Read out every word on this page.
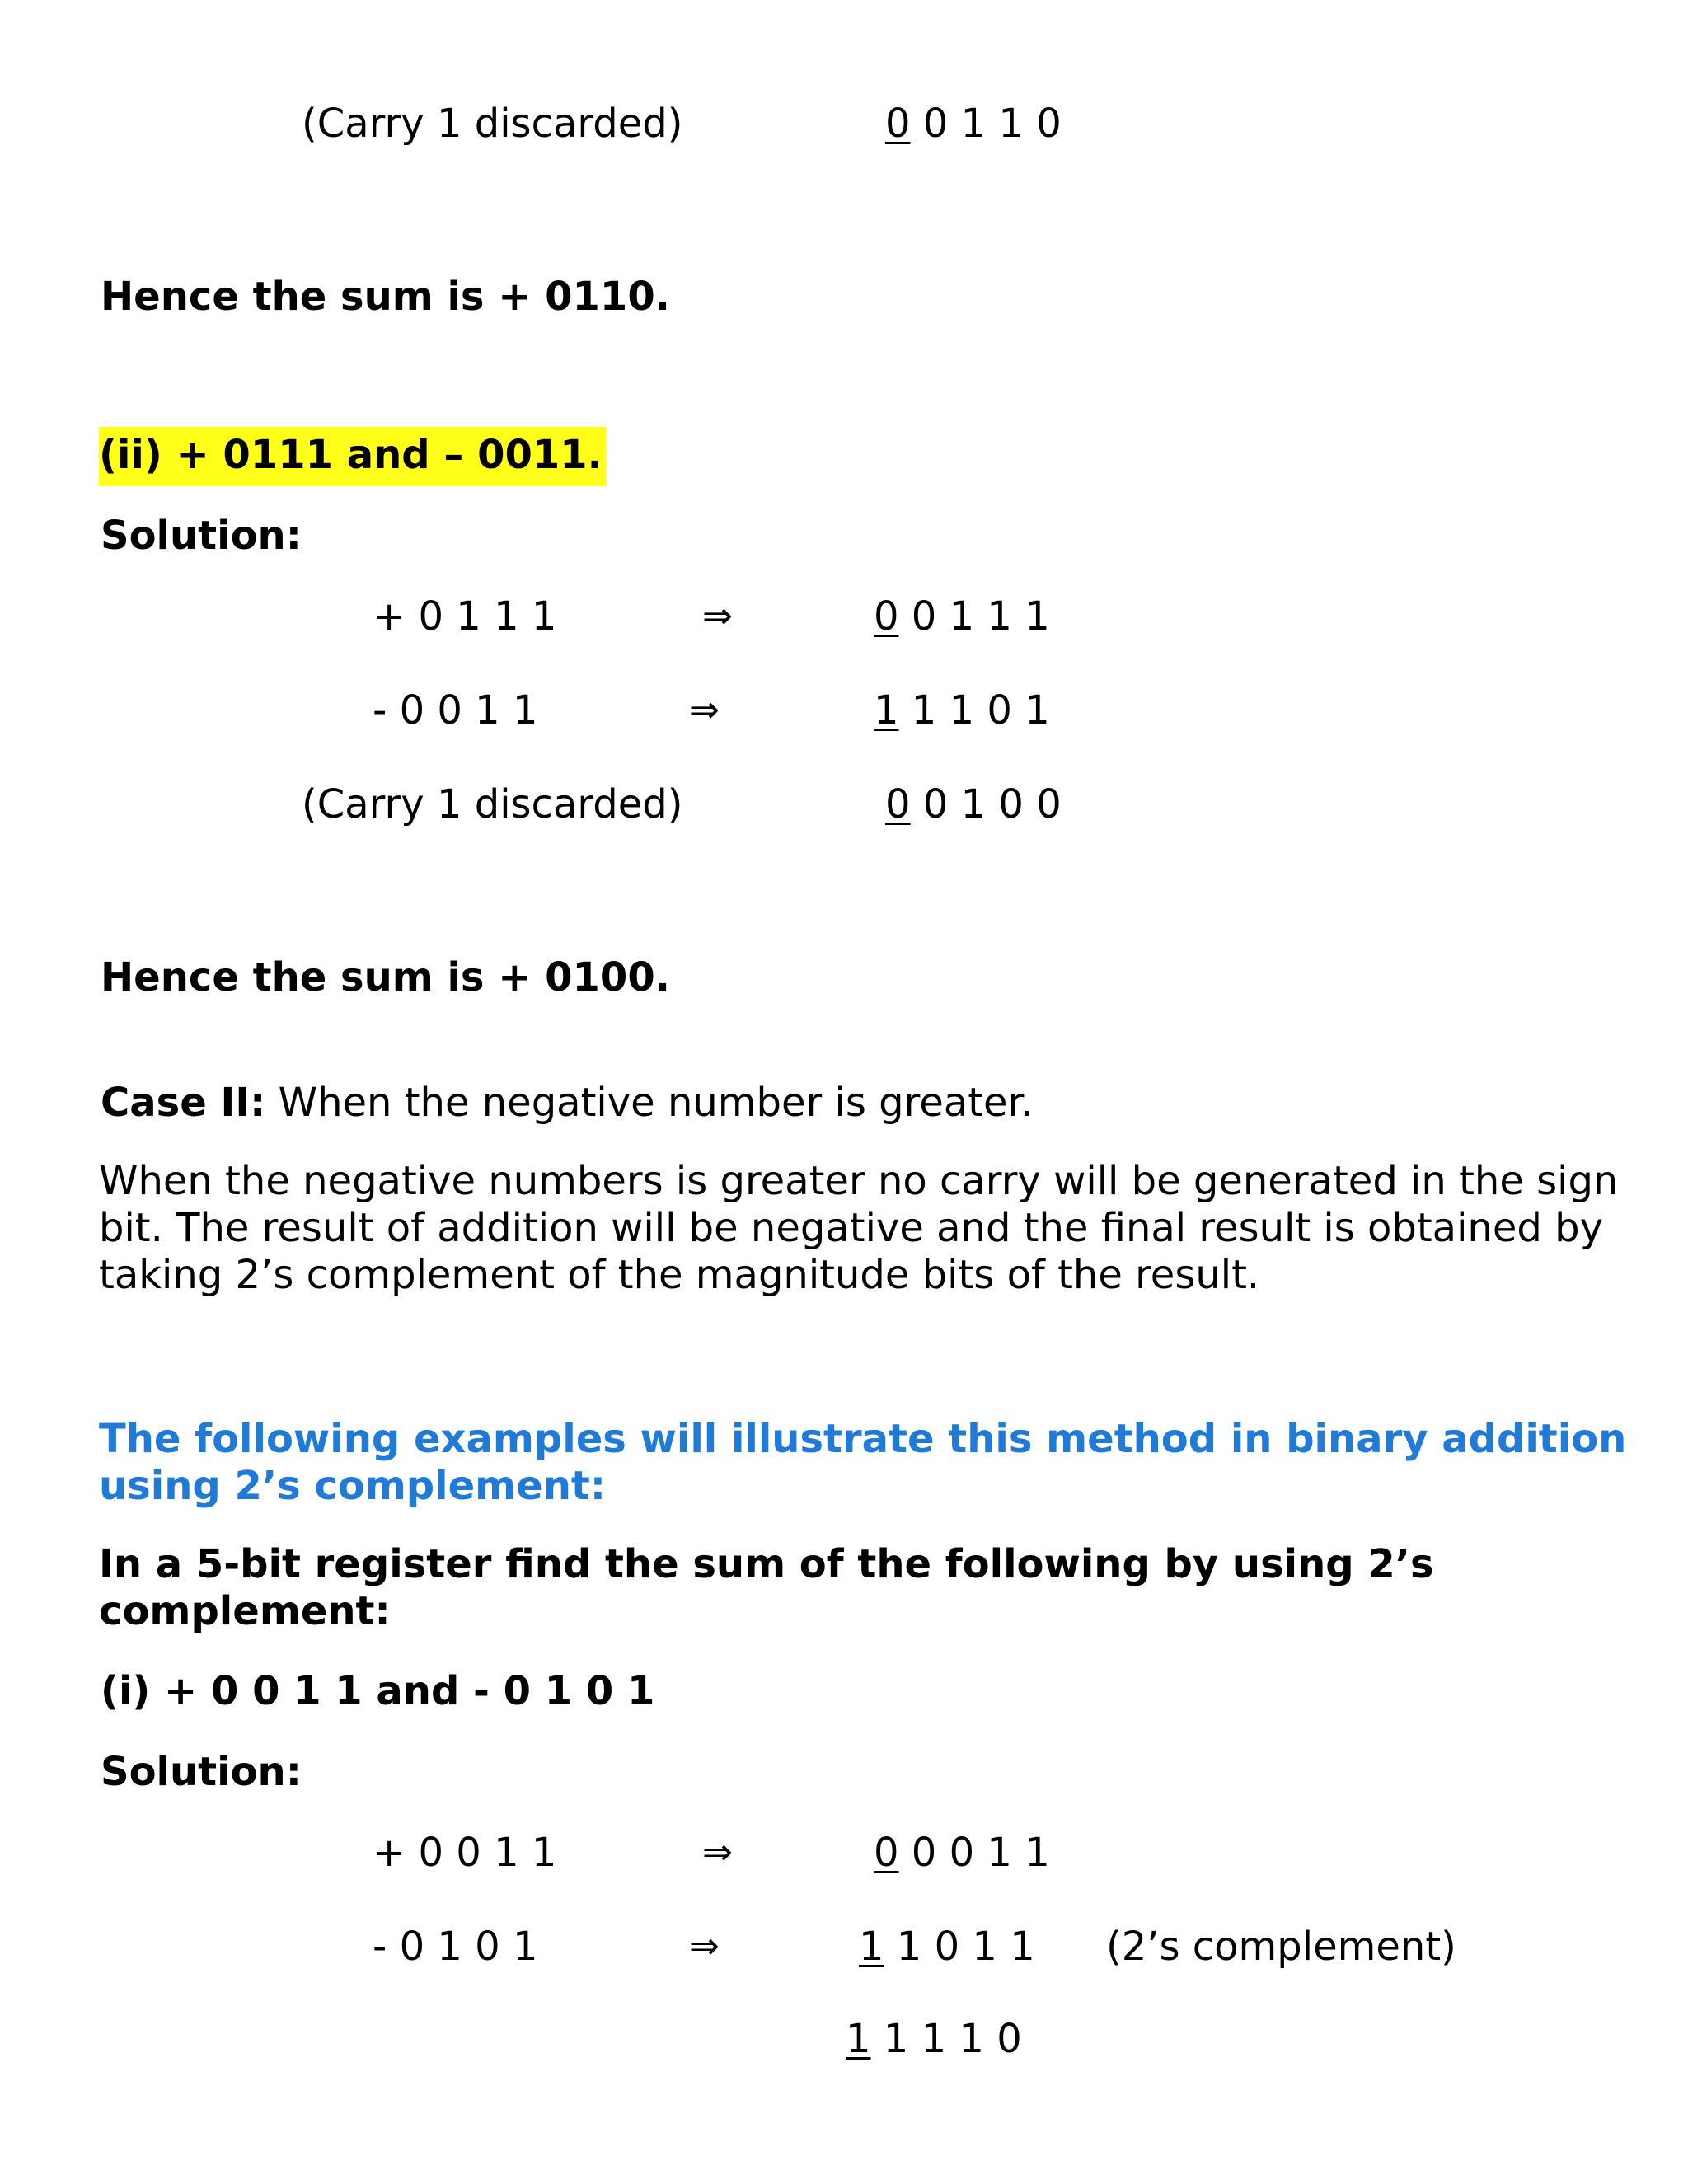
(Carry 1 discarded)	0 0 1 1 0
Hence the sum is + 0110.
(ii) + 0111 and – 0011.
Solution:
+ 0 1 1 1	⇒	0 0 1 1 1
- 0 0 1 1	⇒	1 1 1 0 1
(Carry 1 discarded)	0 0 1 0 0
Hence the sum is + 0100.
Case II: When the negative number is greater.
When the negative numbers is greater no carry will be generated in the sign bit. The result of addition will be negative and the final result is obtained by taking 2’s complement of the magnitude bits of the result.
The following examples will illustrate this method in binary addition using 2’s complement:
In a 5-bit register find the sum of the following by using 2’s complement:
(i) + 0 0 1 1 and - 0 1 0 1
Solution:
+ 0 0 1 1	⇒	0 0 0 1 1
- 0 1 0 1	⇒	1 1 0 1 1 (2’s complement)
1 1 1 1 0
